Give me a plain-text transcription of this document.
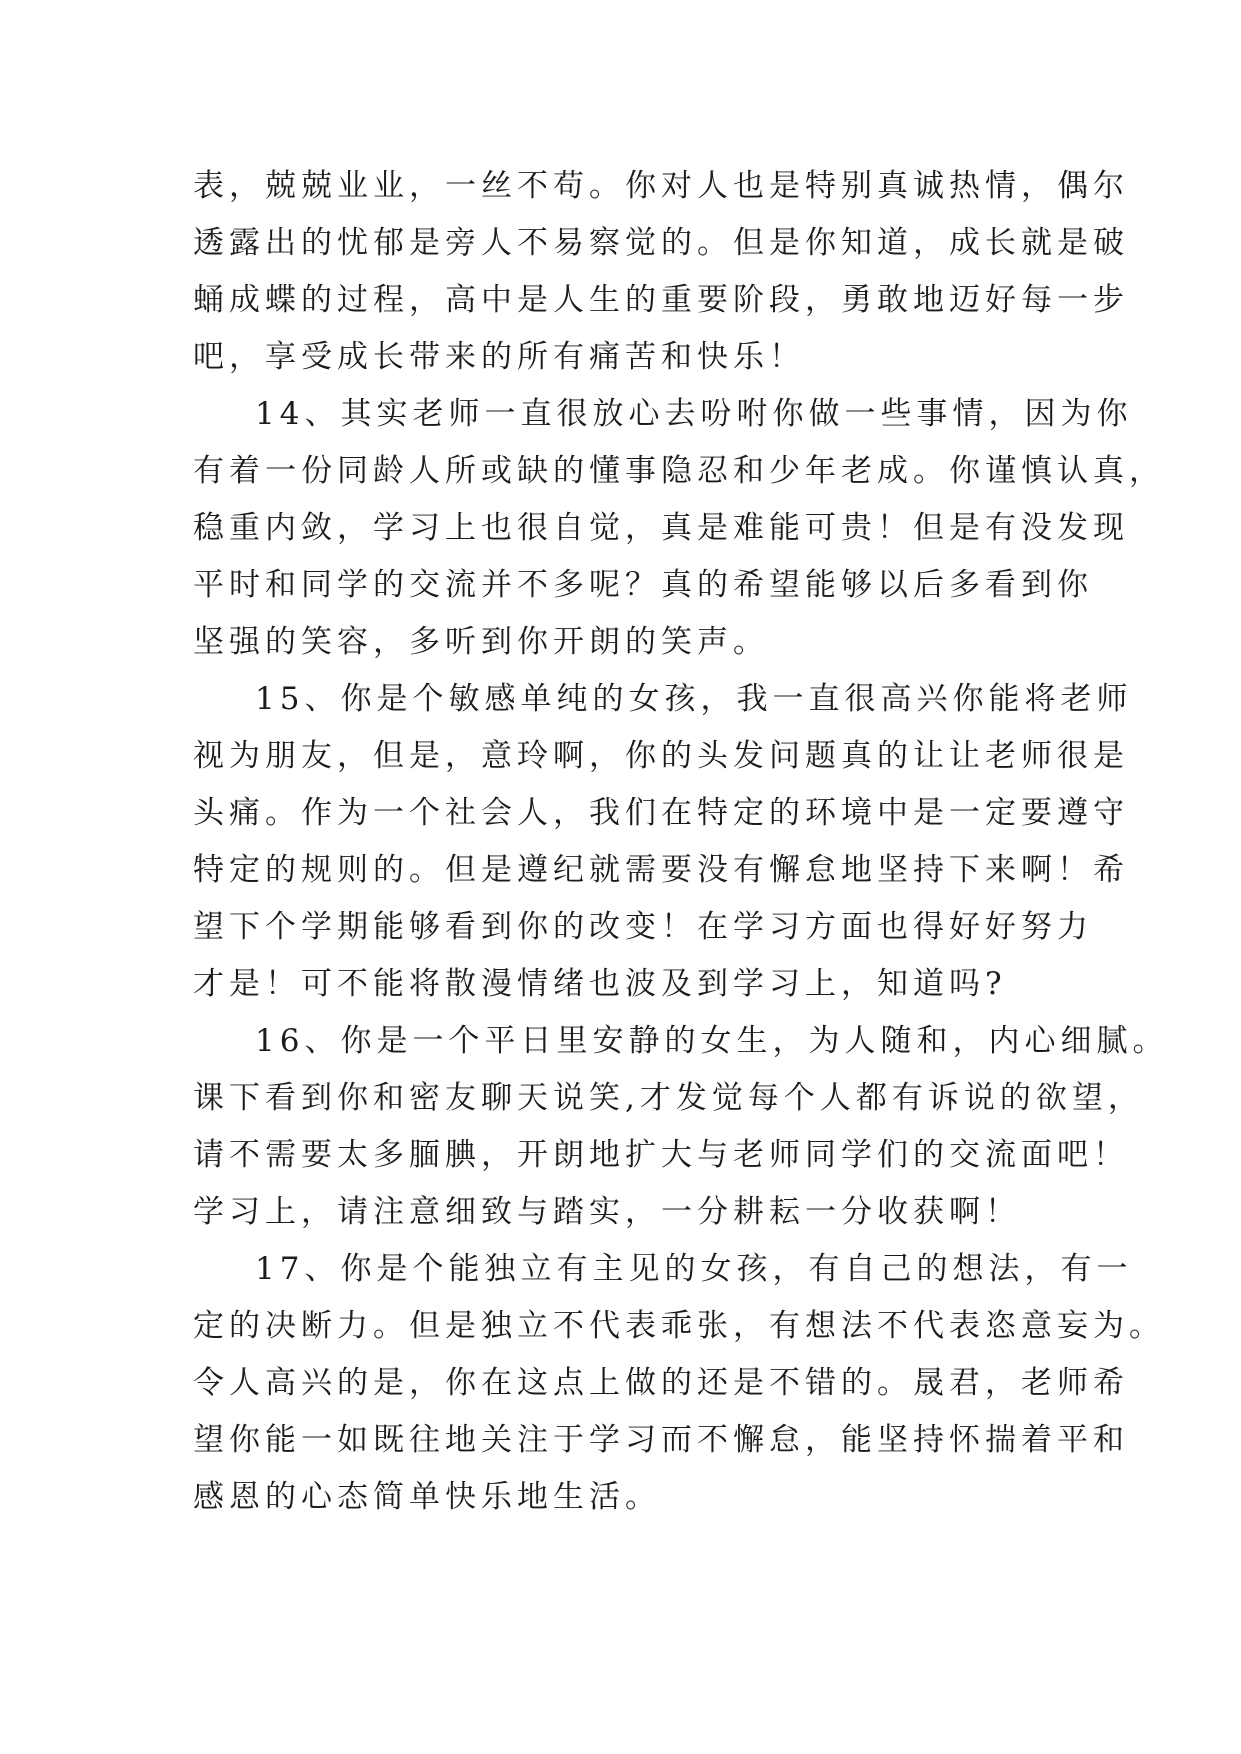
表，兢兢业业，一丝不苟。你对人也是特别真诚热情，偶尔
透露出的忧郁是旁人不易察觉的。但是你知道，成长就是破
蛹成蝶的过程，高中是人生的重要阶段，勇敢地迈好每一步
吧，享受成长带来的所有痛苦和快乐！
14、其实老师一直很放心去吩咐你做一些事情，因为你
有着一份同龄人所或缺的懂事隐忍和少年老成。你谨慎认真，
稳重内敛，学习上也很自觉，真是难能可贵！但是有没发现
平时和同学的交流并不多呢？真的希望能够以后多看到你
坚强的笑容，多听到你开朗的笑声。
15、你是个敏感单纯的女孩，我一直很高兴你能将老师
视为朋友，但是，意玲啊，你的头发问题真的让让老师很是
头痛。作为一个社会人，我们在特定的环境中是一定要遵守
特定的规则的。但是遵纪就需要没有懈怠地坚持下来啊！希
望下个学期能够看到你的改变！在学习方面也得好好努力
才是！可不能将散漫情绪也波及到学习上，知道吗?
16、你是一个平日里安静的女生，为人随和，内心细腻。
课下看到你和密友聊天说笑,才发觉每个人都有诉说的欲望，
请不需要太多腼腆，开朗地扩大与老师同学们的交流面吧！
学习上，请注意细致与踏实，一分耕耘一分收获啊！
17、你是个能独立有主见的女孩，有自己的想法，有一
定的决断力。但是独立不代表乖张，有想法不代表恣意妄为。
令人高兴的是，你在这点上做的还是不错的。晟君，老师希
望你能一如既往地关注于学习而不懈怠，能坚持怀揣着平和
感恩的心态简单快乐地生活。
